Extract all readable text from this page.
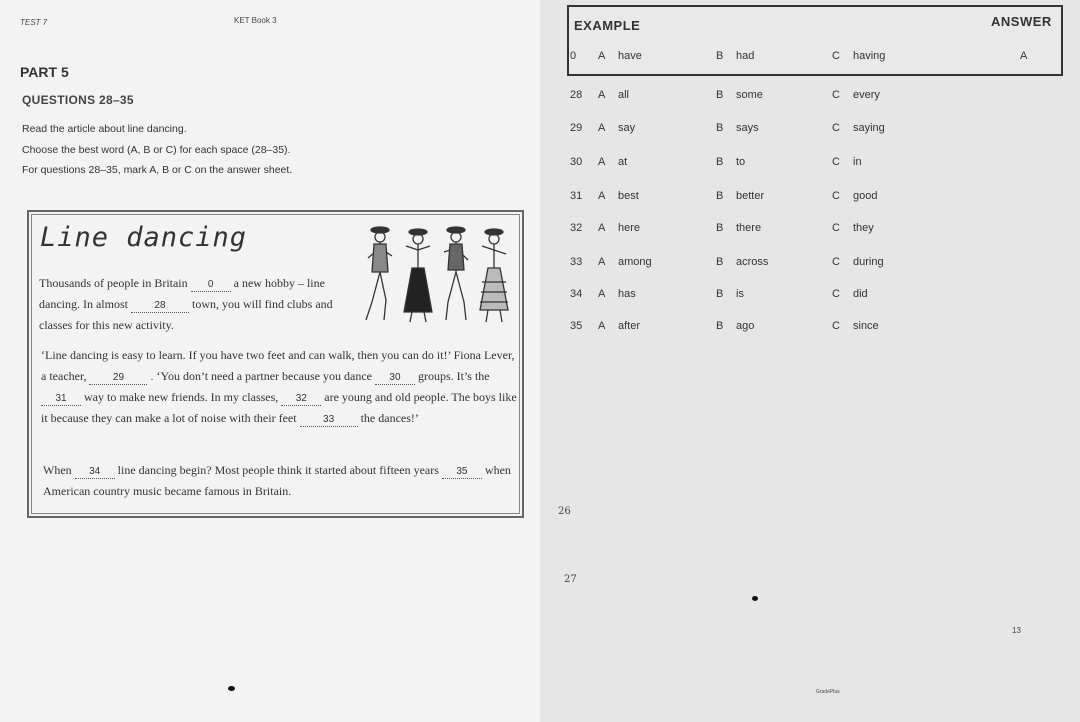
TEST 7	KET Book 3
PART 5
QUESTIONS 28–35
Read the article about line dancing.
Choose the best word (A, B or C) for each space (28–35).
For questions 28–35, mark A, B or C on the answer sheet.
Line dancing
Thousands of people in Britain 0 a new hobby – line dancing. In almost 28 town, you will find clubs and classes for this new activity.
‘Line dancing is easy to learn. If you have two feet and can walk, then you can do it!’ Fiona Lever, a teacher, 29 . ‘You don’t need a partner because you dance 30 groups. It’s the 31 way to make new friends. In my classes, 32 are young and old people. The boys like it because they can make a lot of noise with their feet 33 the dances!’
When 34 line dancing begin? Most people think it started about fifteen years 35 when American country music became famous in Britain.
EXAMPLE	ANSWER
0 A have	B had	C having	A
28 A all	B some	C every
29 A say	B says	C saying
30 A at	B to	C in
31 A best	B better	C good
32 A here	B there	C they
33 A among	B across	C during
34 A has	B is	C did
35 A after	B ago	C since
26
27
13
GradePlus
